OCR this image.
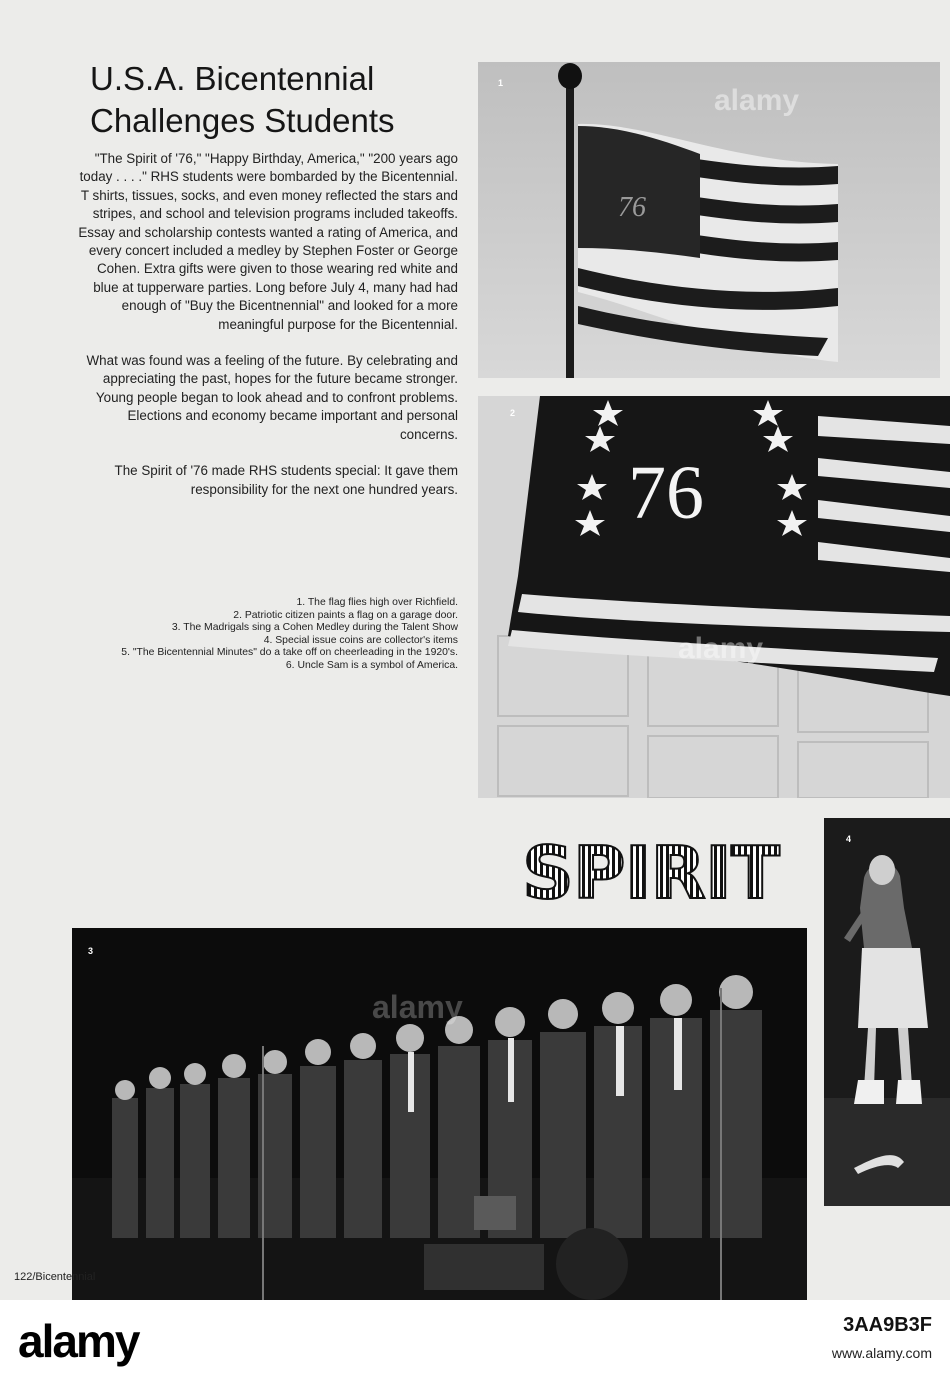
U.S.A. Bicentennial
Challenges Students

"The Spirit of '76," "Happy Birthday, America," "200 years ago today . . . ." RHS students were bombarded by the Bicentennial. T shirts, tissues, socks, and even money reflected the stars and stripes, and school and television programs included takeoffs. Essay and scholarship contests wanted a rating of America, and every concert included a medley by Stephen Foster or George Cohen. Extra gifts were given to those wearing red white and blue at tupperware parties. Long before July 4, many had had enough of "Buy the Bicentnennial" and looked for a more meaningful purpose for the Bicentennial.

What was found was a feeling of the future. By celebrating and appreciating the past, hopes for the future became stronger. Young people began to look ahead and to confront problems. Elections and economy became important and personal concerns.

The Spirit of '76 made RHS students special: It gave them responsibility for the next one hundred years.

1. The flag flies high over Richfield.
2. Patriotic citizen paints a flag on a garage door.
3. The Madrigals sing a Cohen Medley during the Talent Show
4. Special issue coins are collector's items
5. "The Bicentennial Minutes" do a take off on cheerleading in the 1920's.
6. Uncle Sam is a symbol of America.
76
alamy
1
76
alamy
2
SPIRIT	4
alamy
3
122/Bicentennial
alamy	3AA9B3F
www.alamy.com
